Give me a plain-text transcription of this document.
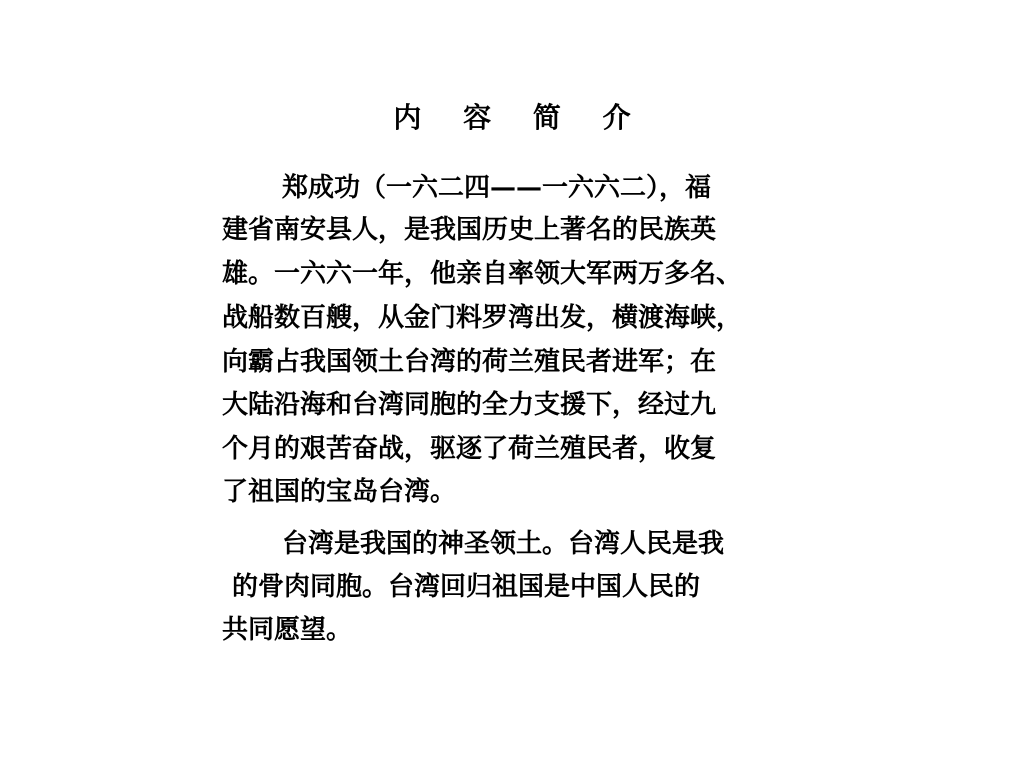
内 容 简 介
郑成功（一六二四——一六六二），福
建省南安县人，是我国历史上著名的民族英
雄。一六六一年，他亲自率领大军两万多名、
战船数百艘，从金门料罗湾出发，横渡海峡，
向霸占我国领土台湾的荷兰殖民者进军；在
大陆沿海和台湾同胞的全力支援下，经过九
个月的艰苦奋战，驱逐了荷兰殖民者，收复
了祖国的宝岛台湾。
台湾是我国的神圣领土。台湾人民是我
的骨肉同胞。台湾回归祖国是中国人民的
共同愿望。
